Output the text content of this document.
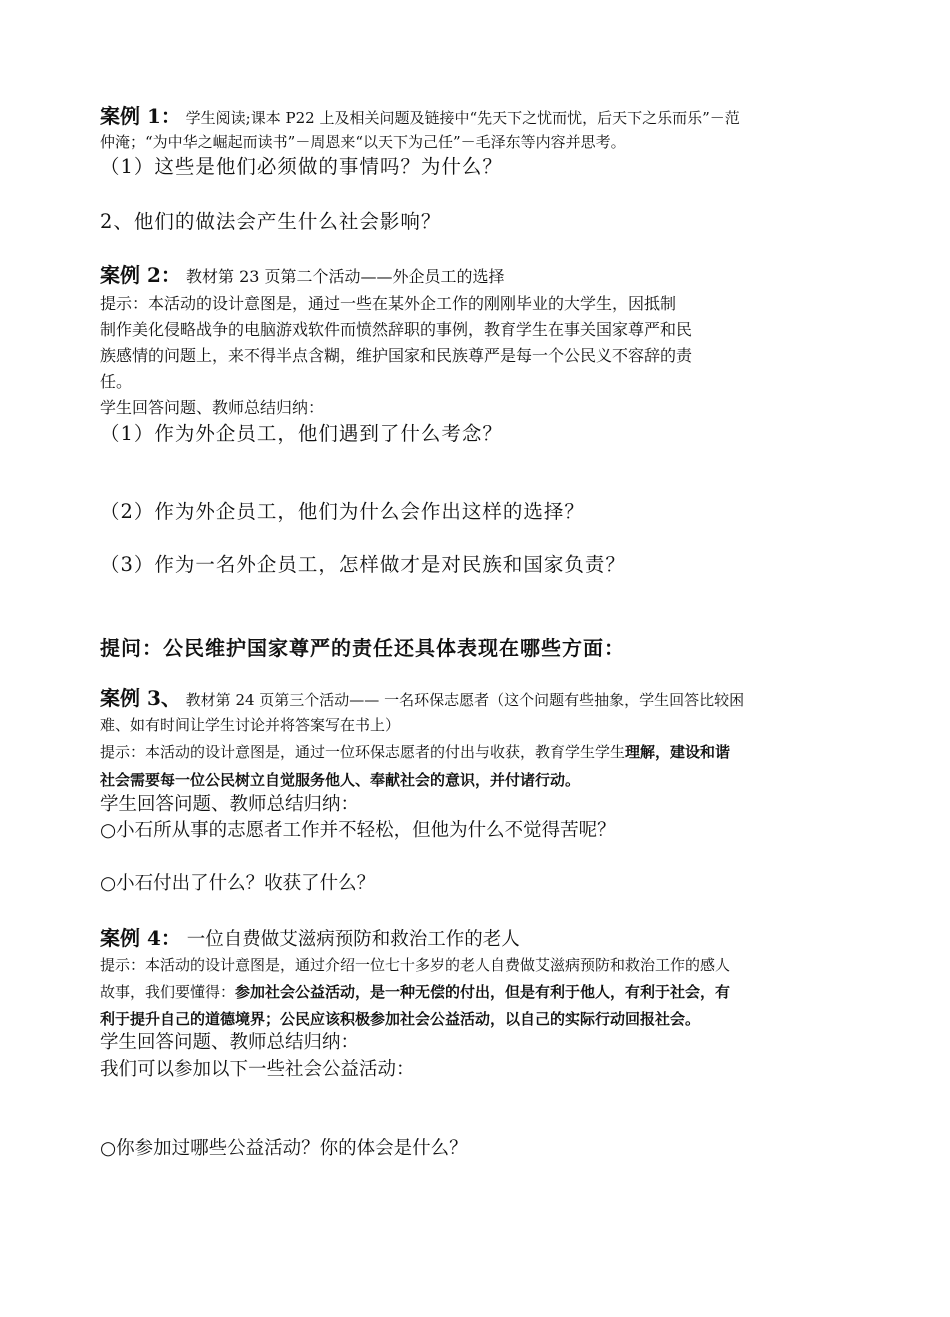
案例 1： 学生阅读;课本 P22 上及相关问题及链接中“先天下之忧而忧，后天下之乐而乐”－范
仲淹；“为中华之崛起而读书”－周恩来“以天下为己任”－毛泽东等内容并思考。
（1）这些是他们必须做的事情吗？为什么？
2、他们的做法会产生什么社会影响？
案例 2： 教材第 23 页第二个活动——外企员工的选择
提示：本活动的设计意图是，通过一些在某外企工作的刚刚毕业的大学生，因抵制
制作美化侵略战争的电脑游戏软件而愤然辞职的事例，教育学生在事关国家尊严和民
族感情的问题上，来不得半点含糊，维护国家和民族尊严是每一个公民义不容辞的责
任。
学生回答问题、教师总结归纳：
（1）作为外企员工，他们遇到了什么考念？
（2）作为外企员工，他们为什么会作出这样的选择？
（3）作为一名外企员工，怎样做才是对民族和国家负责？
提问：公民维护国家尊严的责任还具体表现在哪些方面：
案例 3、 教材第 24 页第三个活动—— 一名环保志愿者（这个问题有些抽象，学生回答比较困
难、如有时间让学生讨论并将答案写在书上）
提示：本活动的设计意图是，通过一位环保志愿者的付出与收获，教育学生学生理解，建设和谐
社会需要每一位公民树立自觉服务他人、奉献社会的意识，并付诸行动。
学生回答问题、教师总结归纳：
○小石所从事的志愿者工作并不轻松，但他为什么不觉得苦呢？
○小石付出了什么？收获了什么？
案例 4： 一位自费做艾滋病预防和救治工作的老人
提示：本活动的设计意图是，通过介绍一位七十多岁的老人自费做艾滋病预防和救治工作的感人
故事，我们要懂得：参加社会公益活动，是一种无偿的付出，但是有利于他人，有利于社会，有
利于提升自己的道德境界；公民应该积极参加社会公益活动，以自己的实际行动回报社会。
学生回答问题、教师总结归纳：
我们可以参加以下一些社会公益活动：
○你参加过哪些公益活动？你的体会是什么？
